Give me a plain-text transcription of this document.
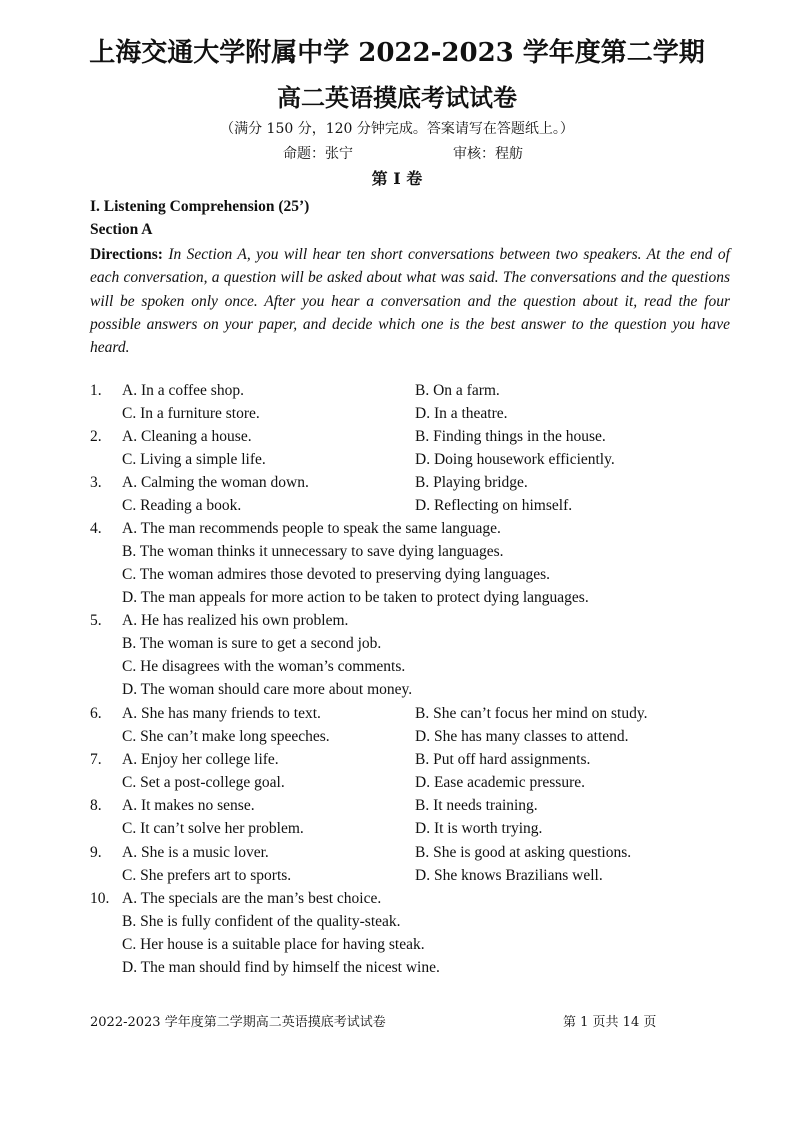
上海交通大学附属中学 2022-2023 学年度第二学期
高二英语摸底考试试卷
（满分 150 分，120 分钟完成。答案请写在答题纸上。）
命题：张宁	审核：程舫
第 I 卷
I. Listening Comprehension (25’)
Section A
Directions: In Section A, you will hear ten short conversations between two speakers. At the end of each conversation, a question will be asked about what was said. The conversations and the questions will be spoken only once. After you hear a conversation and the question about it, read the four possible answers on your paper, and decide which one is the best answer to the question you have heard.
1. A. In a coffee shop.	B. On a farm.
C. In a furniture store.	D. In a theatre.
2. A. Cleaning a house.	B. Finding things in the house.
C. Living a simple life.	D. Doing housework efficiently.
3. A. Calming the woman down.	B. Playing bridge.
C. Reading a book.	D. Reflecting on himself.
4. A. The man recommends people to speak the same language.
B. The woman thinks it unnecessary to save dying languages.
C. The woman admires those devoted to preserving dying languages.
D. The man appeals for more action to be taken to protect dying languages.
5. A. He has realized his own problem.
B. The woman is sure to get a second job.
C. He disagrees with the woman’s comments.
D. The woman should care more about money.
6. A. She has many friends to text.	B. She can’t focus her mind on study.
C. She can’t make long speeches.	D. She has many classes to attend.
7. A. Enjoy her college life.	B. Put off hard assignments.
C. Set a post-college goal.	D. Ease academic pressure.
8. A. It makes no sense.	B. It needs training.
C. It can’t solve her problem.	D. It is worth trying.
9. A. She is a music lover.	B. She is good at asking questions.
C. She prefers art to sports.	D. She knows Brazilians well.
10. A. The specials are the man’s best choice.
B. She is fully confident of the quality-steak.
C. Her house is a suitable place for having steak.
D. The man should find by himself the nicest wine.
2022-2023 学年度第二学期高二英语摸底考试试卷	第 1 页共 14 页
